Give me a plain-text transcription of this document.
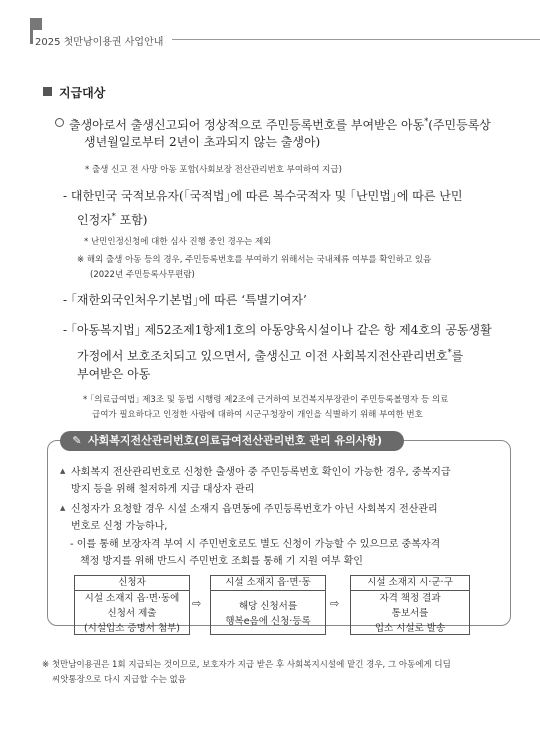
2025 첫만남이용권 사업안내
지급대상
출생아로서 출생신고되어 정상적으로 주민등록번호를 부여받은 아동*(주민등록상
생년월일로부터 2년이 초과되지 않는 출생아)
* 출생 신고 전 사망 아동 포함(사회보장 전산관리번호 부여하여 지급)
- 대한민국 국적보유자(｢국적법｣에 따른 복수국적자 및 ｢난민법｣에 따른 난민
인정자* 포함)
* 난민인정신청에 대한 심사 진행 중인 경우는 제외
※ 해외 출생 아동 등의 경우, 주민등록번호를 부여하기 위해서는 국내체류 여부를 확인하고 있음
(2022년 주민등록사무편람)
- ｢재한외국인처우기본법｣에 따른 ‘특별기여자’
- ｢아동복지법｣ 제52조제1항제1호의 아동양육시설이나 같은 항 제4호의 공동생활
가정에서 보호조치되고 있으면서, 출생신고 이전 사회복지전산관리번호*를
부여받은 아동
* ｢의료급여법｣ 제3조 및 동법 시행령 제2조에 근거하여 보건복지부장관이 주민등록볼명자 등 의료
급여가 필요하다고 인정한 사람에 대하여 시군구청장이 개인을 식별하기 위해 부여한 번호
✎ 사회복지전산관리번호(의료급여전산관리번호 관리 유의사항)
▲ 사회복지 전산관리번호로 신청한 출생아 중 주민등록번호 확인이 가능한 경우, 중복지급
방지 등을 위해 철저하게 지급 대상자 관리
▲ 신청자가 요청할 경우 시설 소재지 읍면동에 주민등록번호가 아닌 사회복지 전산관리
번호로 신청 가능하나,
- 이를 통해 보장자격 부여 시 주민번호로도 별도 신청이 가능할 수 있으므로 중복자격
책정 방지를 위해 반드시 주민번호 조회를 통해 기 지원 여부 확인
신청자
시설 소재지 읍·면·동에
신청서 제출
(시설입소 증명서 첨부)
⇨
시설 소재지 읍·면·동
해당 신청서를
행복e음에 신청·등록
⇨
시설 소재지 시·군·구
자격 책정 결과
통보서를
입소 시설로 발송
※ 첫만남이용권은 1회 지급되는 것이므로, 보호자가 지급 받은 후 사회복지시설에 맡긴 경우, 그 아동에게 디딤
씨앗통장으로 다시 지급할 수는 없음
